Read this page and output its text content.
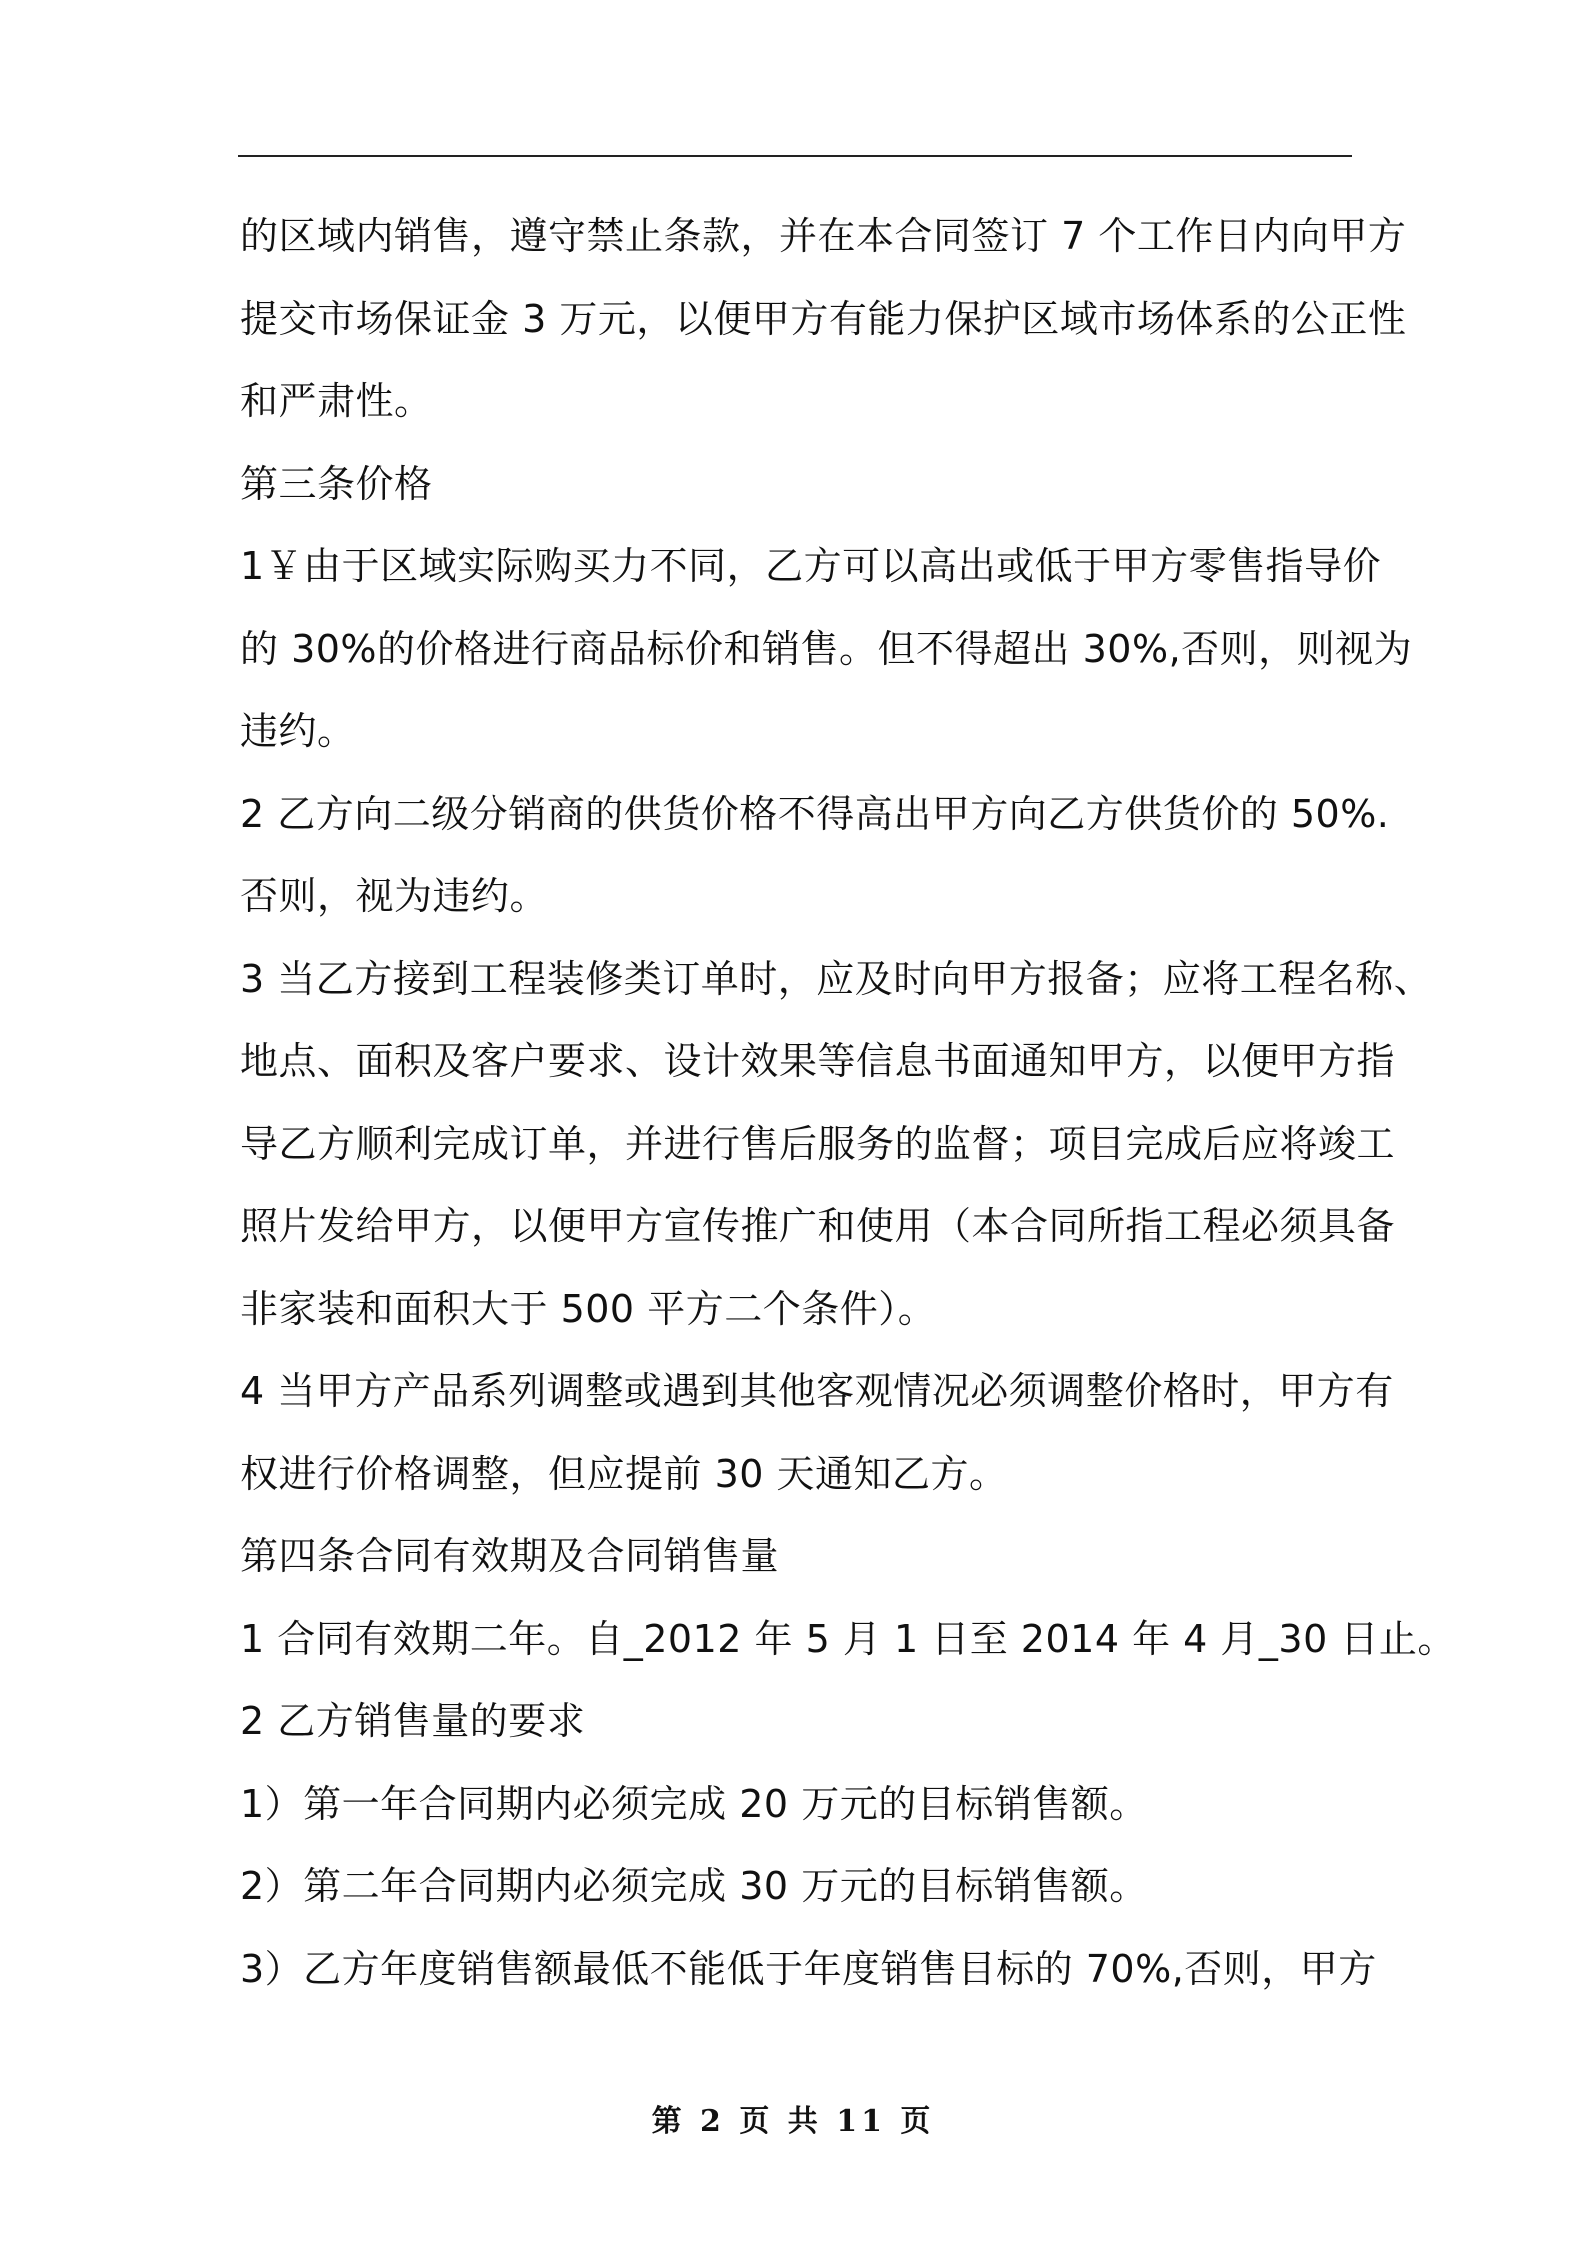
的区域内销售，遵守禁止条款，并在本合同签订 7 个工作日内向甲方
提交市场保证金 3 万元，以便甲方有能力保护区域市场体系的公正性
和严肃性。
第三条价格
1￥由于区域实际购买力不同，乙方可以高出或低于甲方零售指导价
的 30%的价格进行商品标价和销售。但不得超出 30%,否则，则视为
违约。
2 乙方向二级分销商的供货价格不得高出甲方向乙方供货价的 50%.
否则，视为违约。
3 当乙方接到工程装修类订单时，应及时向甲方报备；应将工程名称、
地点、面积及客户要求、设计效果等信息书面通知甲方，以便甲方指
导乙方顺利完成订单，并进行售后服务的监督；项目完成后应将竣工
照片发给甲方，以便甲方宣传推广和使用（本合同所指工程必须具备
非家装和面积大于 500 平方二个条件）。
4 当甲方产品系列调整或遇到其他客观情况必须调整价格时，甲方有
权进行价格调整，但应提前 30 天通知乙方。
第四条合同有效期及合同销售量
1 合同有效期二年。自_2012 年 5 月 1 日至 2014 年 4 月_30 日止。
2 乙方销售量的要求
1）第一年合同期内必须完成 20 万元的目标销售额。
2）第二年合同期内必须完成 30 万元的目标销售额。
3）乙方年度销售额最低不能低于年度销售目标的 70%,否则，甲方
第 2 页 共 11 页
